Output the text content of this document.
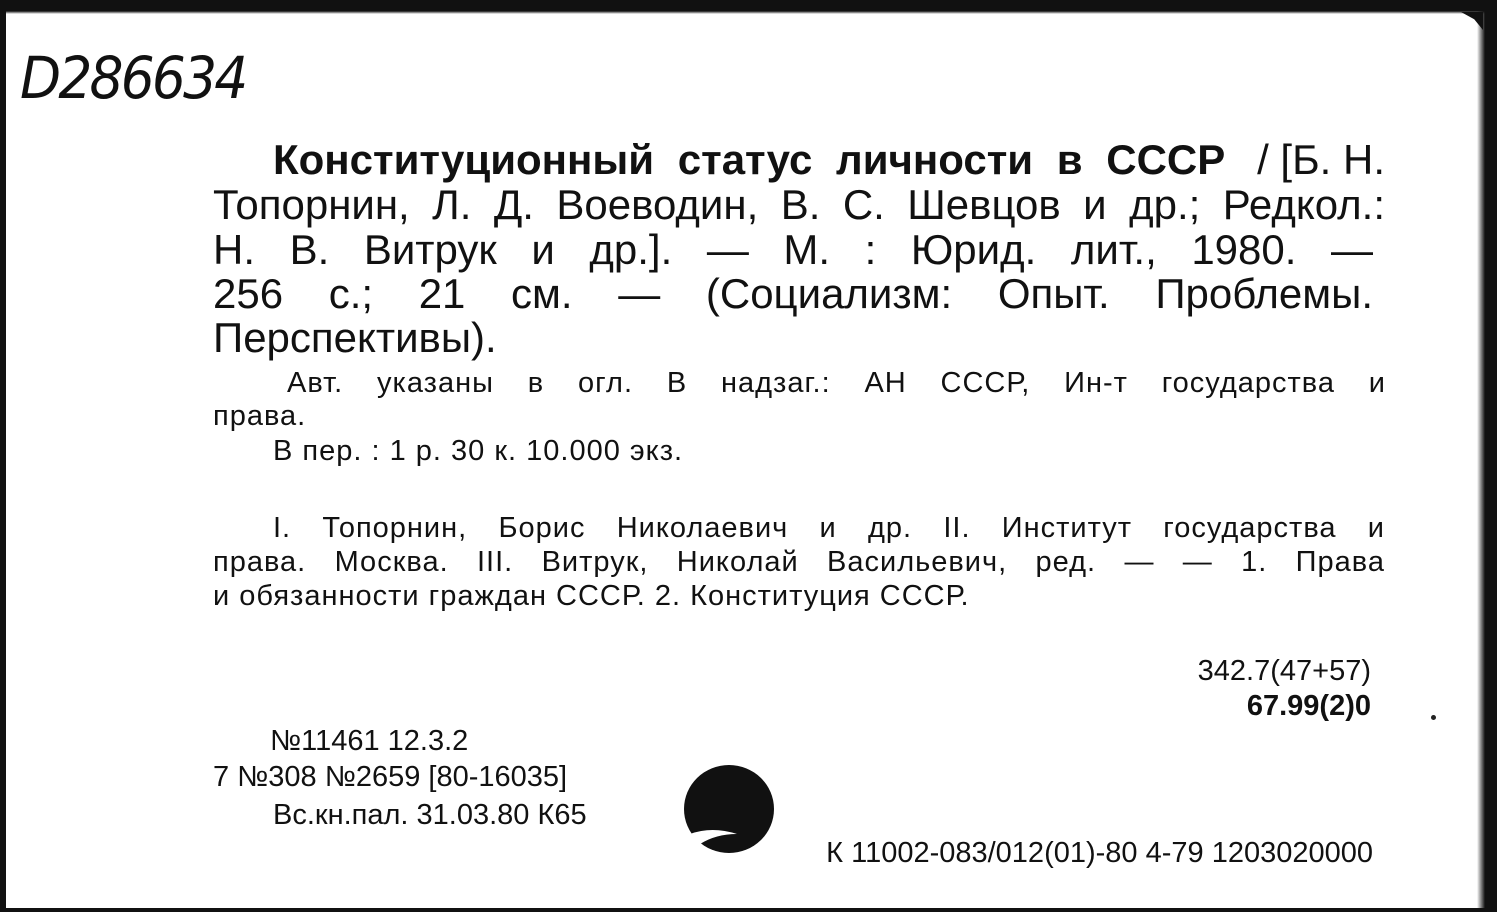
D286634

Конституционный статус личности в СССР / [Б. Н.

Топорнин, Л. Д. Воеводин, В. С. Шевцов и др.; Редкол.:

Н. В. Витрук и др.]. — М. : Юрид. лит., 1980. —

256 с.; 21 см. — (Социализм: Опыт. Проблемы.

Перспективы).

Авт. указаны в огл. В надзаг.: АН СССР, Ин-т государства и

права.

В пер. : 1 р. 30 к. 10.000 экз.

I. Топорнин, Борис Николаевич и др. II. Институт государства и

права. Москва. III. Витрук, Николай Васильевич, ред. — — 1. Права

и обязанности граждан СССР. 2. Конституция СССР.

342.7(47+57)

67.99(2)0

№11461 12.3.2

7 №308 №2659 [80-16035]

Вс.кн.пал. 31.03.80 К65

К 11002-083/012(01)-80 4-79 1203020000
